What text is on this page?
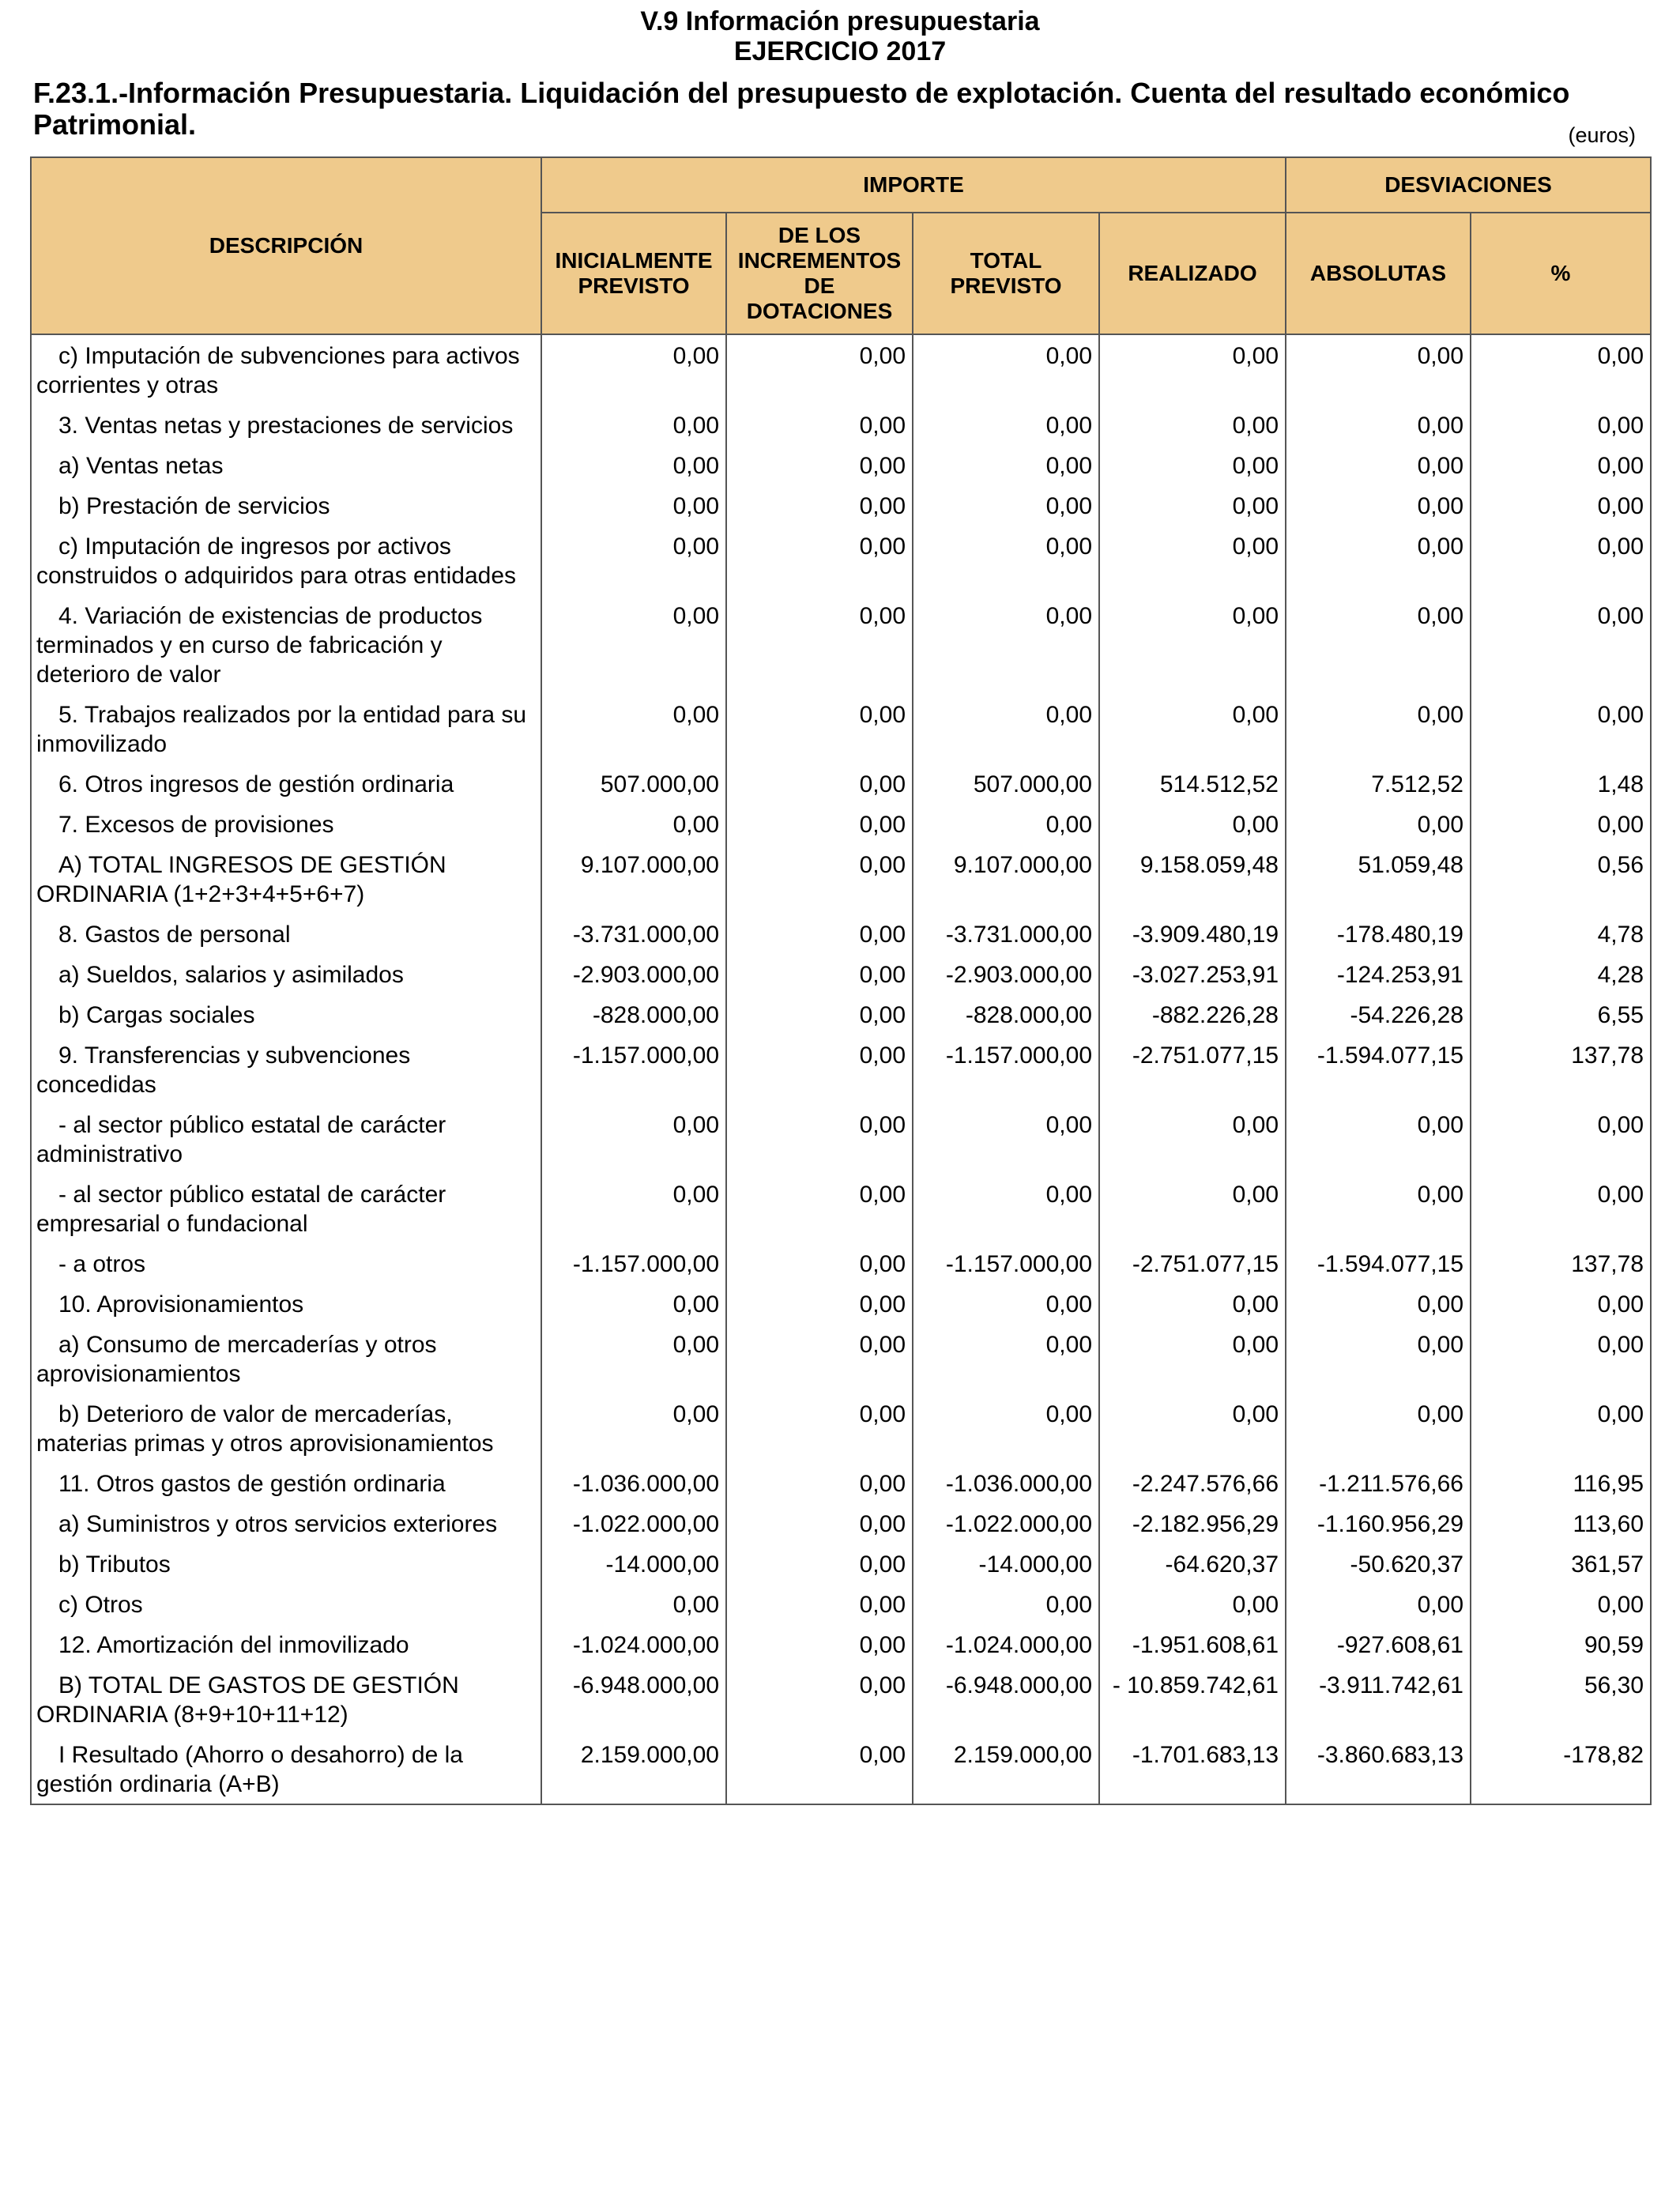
V.9 Información presupuestaria
EJERCICIO 2017
F.23.1.-Información Presupuestaria. Liquidación del presupuesto de explotación. Cuenta del resultado económico Patrimonial.	(euros)
DESCRIPCIÓN	IMPORTE				DESVIACIONES	
	INICIALMENTE PREVISTO	DE LOS INCREMENTOS DE DOTACIONES	TOTAL PREVISTO	REALIZADO	ABSOLUTAS	%
c) Imputación de subvenciones para activos corrientes y otras	0,00	0,00	0,00	0,00	0,00	0,00
3. Ventas netas y prestaciones de servicios	0,00	0,00	0,00	0,00	0,00	0,00
a) Ventas netas	0,00	0,00	0,00	0,00	0,00	0,00
b) Prestación de servicios	0,00	0,00	0,00	0,00	0,00	0,00
c) Imputación de ingresos por activos construidos o adquiridos para otras entidades	0,00	0,00	0,00	0,00	0,00	0,00
4. Variación de existencias de productos terminados y en curso de fabricación y deterioro de valor	0,00	0,00	0,00	0,00	0,00	0,00
5. Trabajos realizados por la entidad para su inmovilizado	0,00	0,00	0,00	0,00	0,00	0,00
6. Otros ingresos de gestión ordinaria	507.000,00	0,00	507.000,00	514.512,52	7.512,52	1,48
7. Excesos de provisiones	0,00	0,00	0,00	0,00	0,00	0,00
A) TOTAL INGRESOS DE GESTIÓN ORDINARIA (1+2+3+4+5+6+7)	9.107.000,00	0,00	9.107.000,00	9.158.059,48	51.059,48	0,56
8. Gastos de personal	-3.731.000,00	0,00	-3.731.000,00	-3.909.480,19	-178.480,19	4,78
a) Sueldos, salarios y asimilados	-2.903.000,00	0,00	-2.903.000,00	-3.027.253,91	-124.253,91	4,28
b) Cargas sociales	-828.000,00	0,00	-828.000,00	-882.226,28	-54.226,28	6,55
9. Transferencias y subvenciones concedidas	-1.157.000,00	0,00	-1.157.000,00	-2.751.077,15	-1.594.077,15	137,78
- al sector público estatal de carácter administrativo	0,00	0,00	0,00	0,00	0,00	0,00
- al sector público estatal de carácter empresarial o fundacional	0,00	0,00	0,00	0,00	0,00	0,00
- a otros	-1.157.000,00	0,00	-1.157.000,00	-2.751.077,15	-1.594.077,15	137,78
10. Aprovisionamientos	0,00	0,00	0,00	0,00	0,00	0,00
a) Consumo de mercaderías y otros aprovisionamientos	0,00	0,00	0,00	0,00	0,00	0,00
b) Deterioro de valor de mercaderías, materias primas y otros aprovisionamientos	0,00	0,00	0,00	0,00	0,00	0,00
11. Otros gastos de gestión ordinaria	-1.036.000,00	0,00	-1.036.000,00	-2.247.576,66	-1.211.576,66	116,95
a) Suministros y otros servicios exteriores	-1.022.000,00	0,00	-1.022.000,00	-2.182.956,29	-1.160.956,29	113,60
b) Tributos	-14.000,00	0,00	-14.000,00	-64.620,37	-50.620,37	361,57
c) Otros	0,00	0,00	0,00	0,00	0,00	0,00
12. Amortización del inmovilizado	-1.024.000,00	0,00	-1.024.000,00	-1.951.608,61	-927.608,61	90,59
B) TOTAL DE GASTOS DE GESTIÓN ORDINARIA (8+9+10+11+12)	-6.948.000,00	0,00	-6.948.000,00	- 10.859.742,61	-3.911.742,61	56,30
I Resultado (Ahorro o desahorro) de la gestión ordinaria (A+B)	2.159.000,00	0,00	2.159.000,00	-1.701.683,13	-3.860.683,13	-178,82
